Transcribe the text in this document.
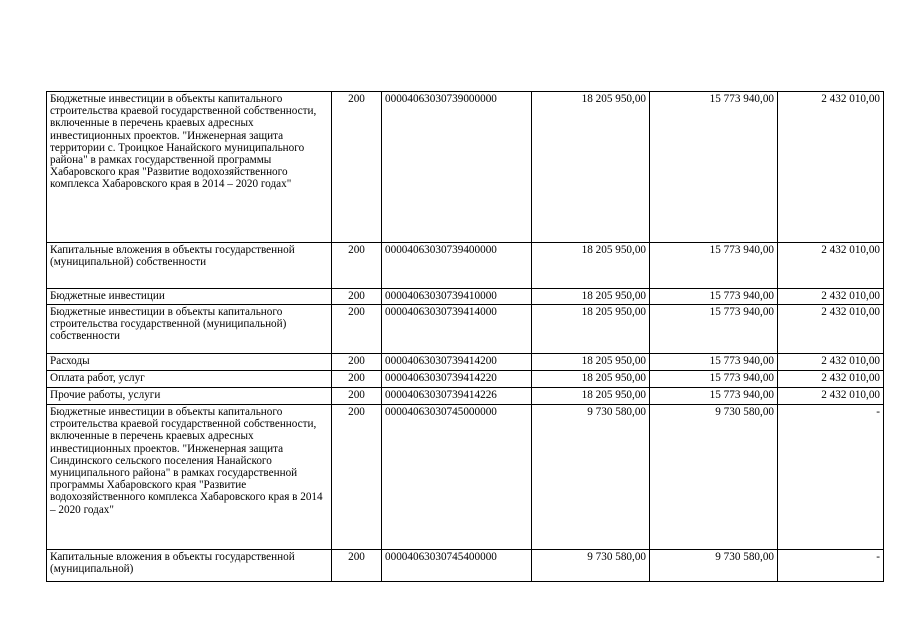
Бюджетные инвестиции в объекты капитального строительства краевой государственной собственности, включенные в перечень краевых адресных инвестиционных проектов. "Инженерная защита территории с. Троицкое Нанайского муниципального района" в рамках государственной программы Хабаровского края "Развитие водохозяйственного комплекса Хабаровского края в 2014 – 2020 годах"	200	00004063030739000000	18 205 950,00	15 773 940,00	2 432 010,00
Капитальные вложения в объекты государственной (муниципальной) собственности	200	00004063030739400000	18 205 950,00	15 773 940,00	2 432 010,00
Бюджетные инвестиции	200	00004063030739410000	18 205 950,00	15 773 940,00	2 432 010,00
Бюджетные инвестиции в объекты капитального строительства государственной (муниципальной) собственности	200	00004063030739414000	18 205 950,00	15 773 940,00	2 432 010,00
Расходы	200	00004063030739414200	18 205 950,00	15 773 940,00	2 432 010,00
Оплата работ, услуг	200	00004063030739414220	18 205 950,00	15 773 940,00	2 432 010,00
Прочие работы, услуги	200	00004063030739414226	18 205 950,00	15 773 940,00	2 432 010,00
Бюджетные инвестиции в объекты капитального строительства краевой государственной собственности, включенные в перечень краевых адресных инвестиционных проектов. "Инженерная защита Синдинского сельского поселения Нанайского муниципального района" в рамках государственной программы Хабаровского края "Развитие водохозяйственного комплекса Хабаровского края в 2014 – 2020 годах"	200	00004063030745000000	9 730 580,00	9 730 580,00	-
Капитальные вложения в объекты государственной (муниципальной)	200	00004063030745400000	9 730 580,00	9 730 580,00	-
